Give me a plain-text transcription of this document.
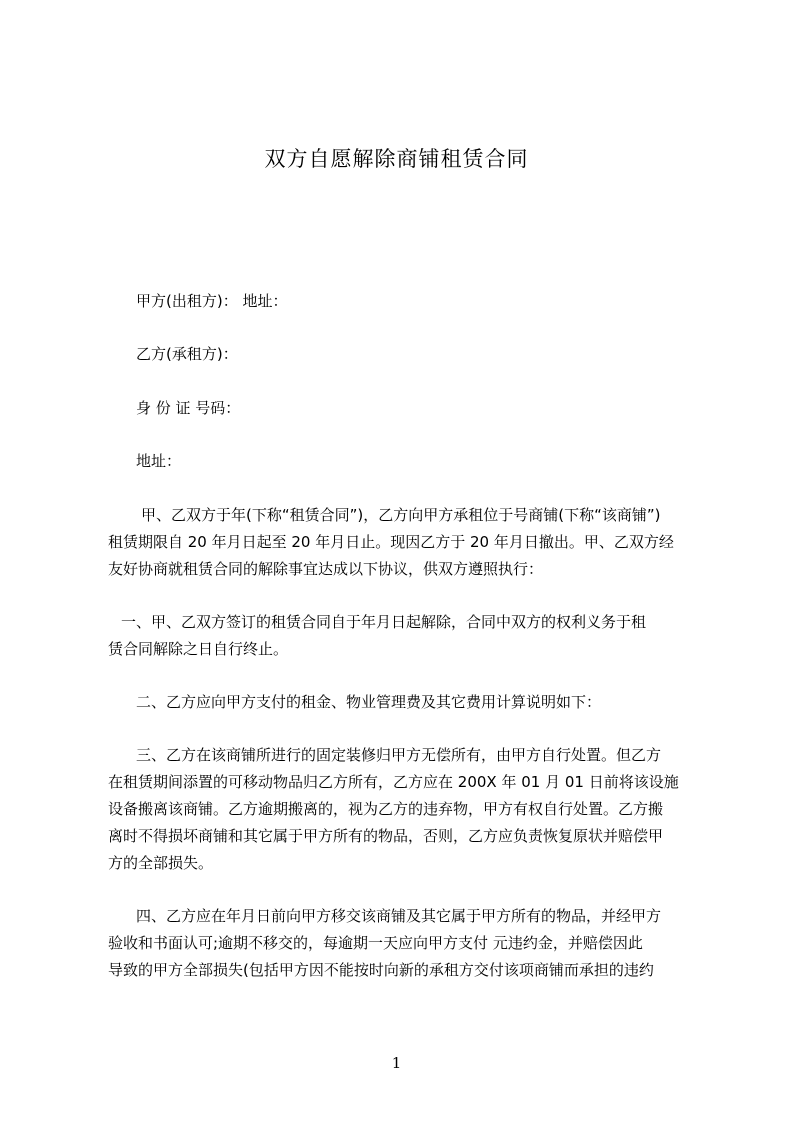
双方自愿解除商铺租赁合同
甲方(出租方)： 地址：
乙方(承租方)：
身 份 证 号码：
地址：
甲、乙双方于年(下称“租赁合同”)，乙方向甲方承租位于号商铺(下称“该商铺”)
租赁期限自 20 年月日起至 20 年月日止。现因乙方于 20 年月日撤出。甲、乙双方经
友好协商就租赁合同的解除事宜达成以下协议，供双方遵照执行：
一、甲、乙双方签订的租赁合同自于年月日起解除，合同中双方的权利义务于租
赁合同解除之日自行终止。
二、乙方应向甲方支付的租金、物业管理费及其它费用计算说明如下：
三、乙方在该商铺所进行的固定装修归甲方无偿所有，由甲方自行处置。但乙方
在租赁期间添置的可移动物品归乙方所有，乙方应在 200X 年 01 月 01 日前将该设施
设备搬离该商铺。乙方逾期搬离的，视为乙方的违弃物，甲方有权自行处置。乙方搬
离时不得损坏商铺和其它属于甲方所有的物品，否则，乙方应负责恢复原状并赔偿甲
方的全部损失。
四、乙方应在年月日前向甲方移交该商铺及其它属于甲方所有的物品，并经甲方
验收和书面认可;逾期不移交的，每逾期一天应向甲方支付 元违约金，并赔偿因此
导致的甲方全部损失(包括甲方因不能按时向新的承租方交付该项商铺而承担的违约
1
